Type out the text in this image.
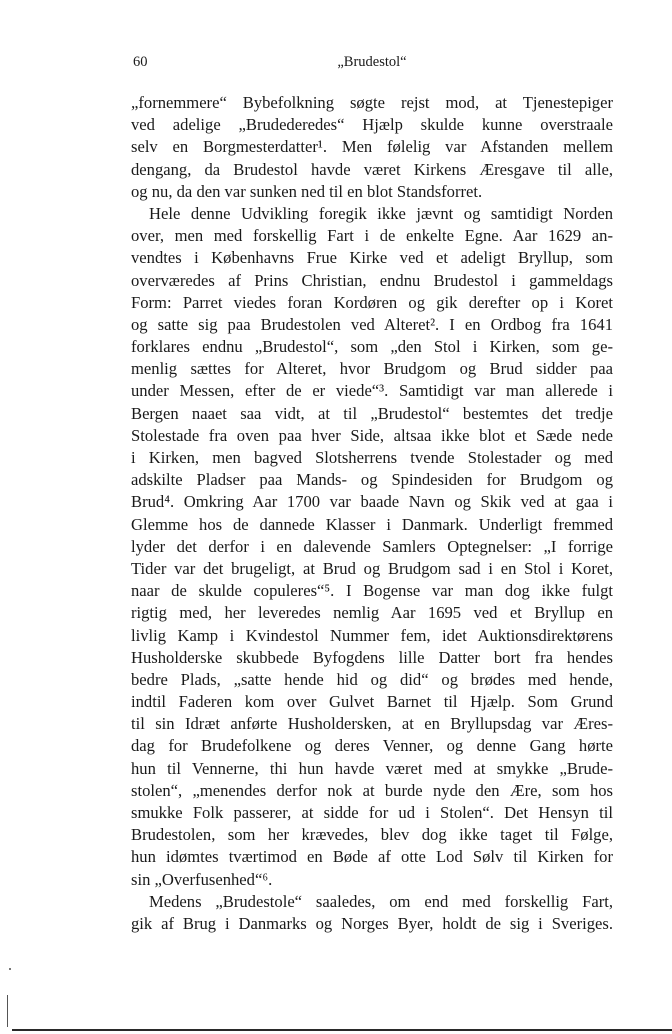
60	„Brudestol“
„fornemmere“ Bybefolkning søgte rejst mod, at Tjenestepiger
ved adelige „Brudederedes“ Hjælp skulde kunne overstraale
selv en Borgmesterdatter¹. Men følelig var Afstanden mellem
dengang, da Brudestol havde været Kirkens Æresgave til alle,
og nu, da den var sunken ned til en blot Standsforret.
Hele denne Udvikling foregik ikke jævnt og samtidigt Norden
over, men med forskellig Fart i de enkelte Egne. Aar 1629 an-
vendtes i Københavns Frue Kirke ved et adeligt Bryllup, som
overværedes af Prins Christian, endnu Brudestol i gammeldags
Form: Parret viedes foran Kordøren og gik derefter op i Koret
og satte sig paa Brudestolen ved Alteret². I en Ordbog fra 1641
forklares endnu „Brudestol“, som „den Stol i Kirken, som ge-
menlig sættes for Alteret, hvor Brudgom og Brud sidder paa
under Messen, efter de er viede“³. Samtidigt var man allerede i
Bergen naaet saa vidt, at til „Brudestol“ bestemtes det tredje
Stolestade fra oven paa hver Side, altsaa ikke blot et Sæde nede
i Kirken, men bagved Slotsherrens tvende Stolestader og med
adskilte Pladser paa Mands- og Spindesiden for Brudgom og
Brud⁴. Omkring Aar 1700 var baade Navn og Skik ved at gaa i
Glemme hos de dannede Klasser i Danmark. Underligt fremmed
lyder det derfor i en dalevende Samlers Optegnelser: „I forrige
Tider var det brugeligt, at Brud og Brudgom sad i en Stol i Koret,
naar de skulde copuleres“⁵. I Bogense var man dog ikke fulgt
rigtig med, her leveredes nemlig Aar 1695 ved et Bryllup en
livlig Kamp i Kvindestol Nummer fem, idet Auktionsdirektørens
Husholderske skubbede Byfogdens lille Datter bort fra hendes
bedre Plads, „satte hende hid og did“ og brødes med hende,
indtil Faderen kom over Gulvet Barnet til Hjælp. Som Grund
til sin Idræt anførte Husholdersken, at en Bryllupsdag var Æres-
dag for Brudefolkene og deres Venner, og denne Gang hørte
hun til Vennerne, thi hun havde været med at smykke „Brude-
stolen“, „menendes derfor nok at burde nyde den Ære, som hos
smukke Folk passerer, at sidde for ud i Stolen“. Det Hensyn til
Brudestolen, som her krævedes, blev dog ikke taget til Følge,
hun idømtes tværtimod en Bøde af otte Lod Sølv til Kirken for
sin „Overfusenhed“⁶.
Medens „Brudestole“ saaledes, om end med forskellig Fart,
gik af Brug i Danmarks og Norges Byer, holdt de sig i Sveriges.
